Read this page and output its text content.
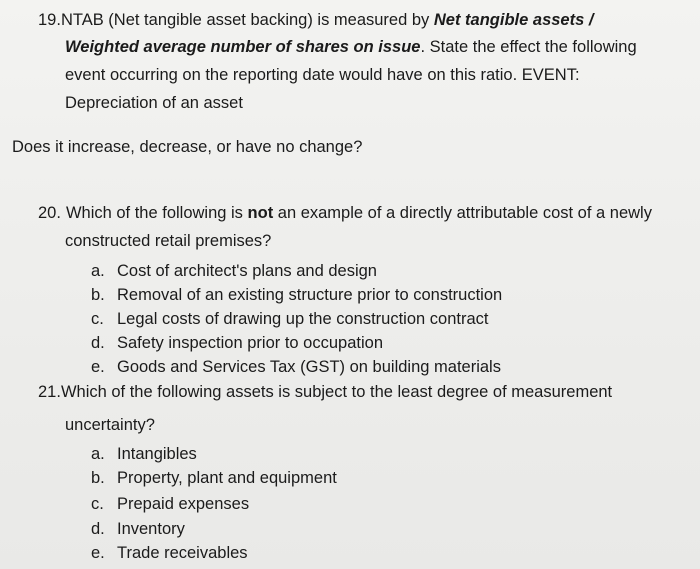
19.NTAB (Net tangible asset backing) is measured by Net tangible assets /
Weighted average number of shares on issue. State the effect the following
event occurring on the reporting date would have on this ratio. EVENT:
Depreciation of an asset
Does it increase, decrease, or have no change?
20. Which of the following is not an example of a directly attributable cost of a newly
constructed retail premises?
a. Cost of architect's plans and design
b. Removal of an existing structure prior to construction
c. Legal costs of drawing up the construction contract
d. Safety inspection prior to occupation
e. Goods and Services Tax (GST) on building materials
21.Which of the following assets is subject to the least degree of measurement
uncertainty?
a. Intangibles
b. Property, plant and equipment
c. Prepaid expenses
d. Inventory
e. Trade receivables
